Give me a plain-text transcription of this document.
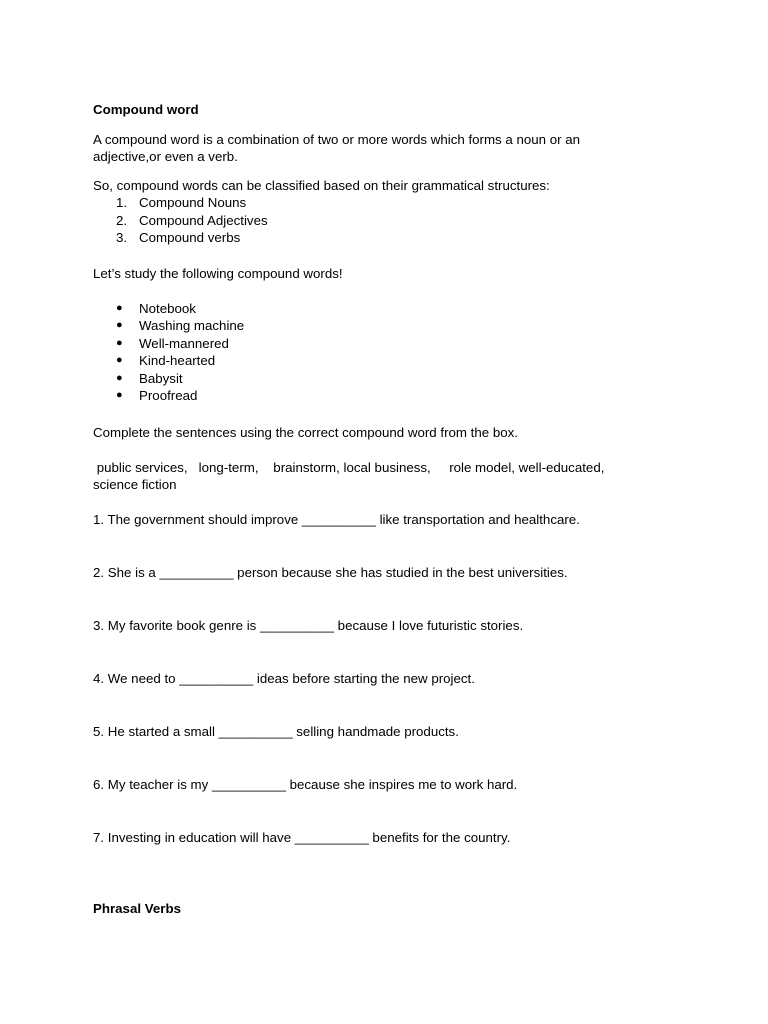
Compound word
A compound word is a combination of two or more words which forms a noun or an
adjective,or even a verb.
So, compound words can be classified based on their grammatical structures:
1. Compound Nouns
2. Compound Adjectives
3. Compound verbs
Let’s study the following compound words!
● Notebook
● Washing machine
● Well-mannered
● Kind-hearted
● Babysit
● Proofread
Complete the sentences using the correct compound word from the box.
public services,   long-term,    brainstorm, local business,     role model, well-educated,
science fiction
1. The government should improve __________ like transportation and healthcare.
2. She is a __________ person because she has studied in the best universities.
3. My favorite book genre is __________ because I love futuristic stories.
4. We need to __________ ideas before starting the new project.
5. He started a small __________ selling handmade products.
6. My teacher is my __________ because she inspires me to work hard.
7. Investing in education will have __________ benefits for the country.
Phrasal Verbs
